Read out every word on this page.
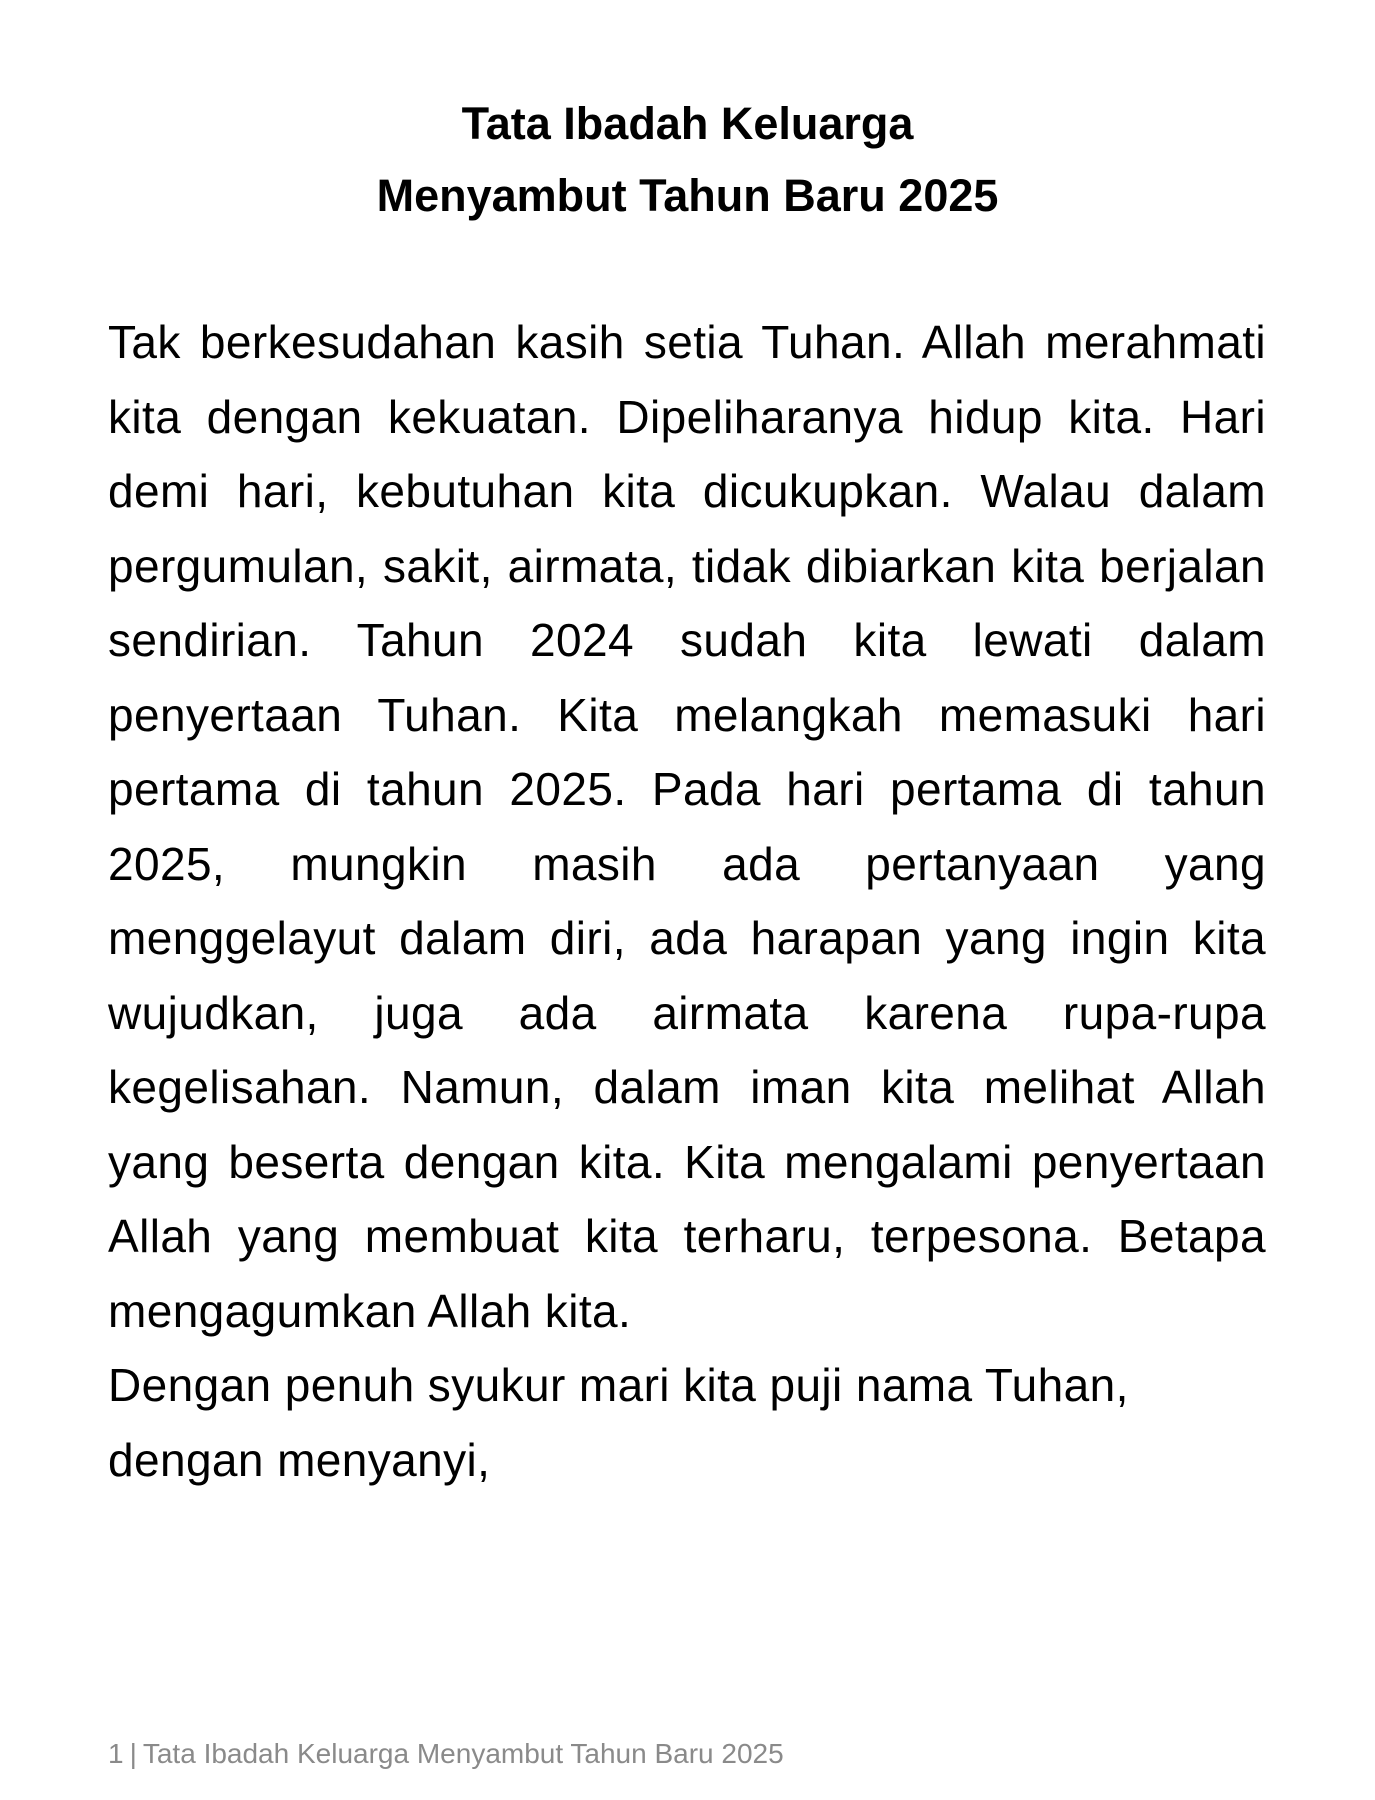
Tata Ibadah Keluarga
Menyambut Tahun Baru 2025

Tak berkesudahan kasih setia Tuhan. Allah merahmati kita dengan kekuatan. Dipeliharanya hidup kita. Hari demi hari, kebutuhan kita dicukupkan. Walau dalam pergumulan, sakit, airmata, tidak dibiarkan kita berjalan sendirian. Tahun 2024 sudah kita lewati dalam penyertaan Tuhan. Kita melangkah memasuki hari pertama di tahun 2025. Pada hari pertama di tahun 2025, mungkin masih ada pertanyaan yang menggelayut dalam diri, ada harapan yang ingin kita wujudkan, juga ada airmata karena rupa-rupa kegelisahan. Namun, dalam iman kita melihat Allah yang beserta dengan kita. Kita mengalami penyertaan Allah yang membuat kita terharu, terpesona. Betapa mengagumkan Allah kita.

Dengan penuh syukur mari kita puji nama Tuhan,
dengan menyanyi,

1 | Tata Ibadah Keluarga Menyambut Tahun Baru 2025
